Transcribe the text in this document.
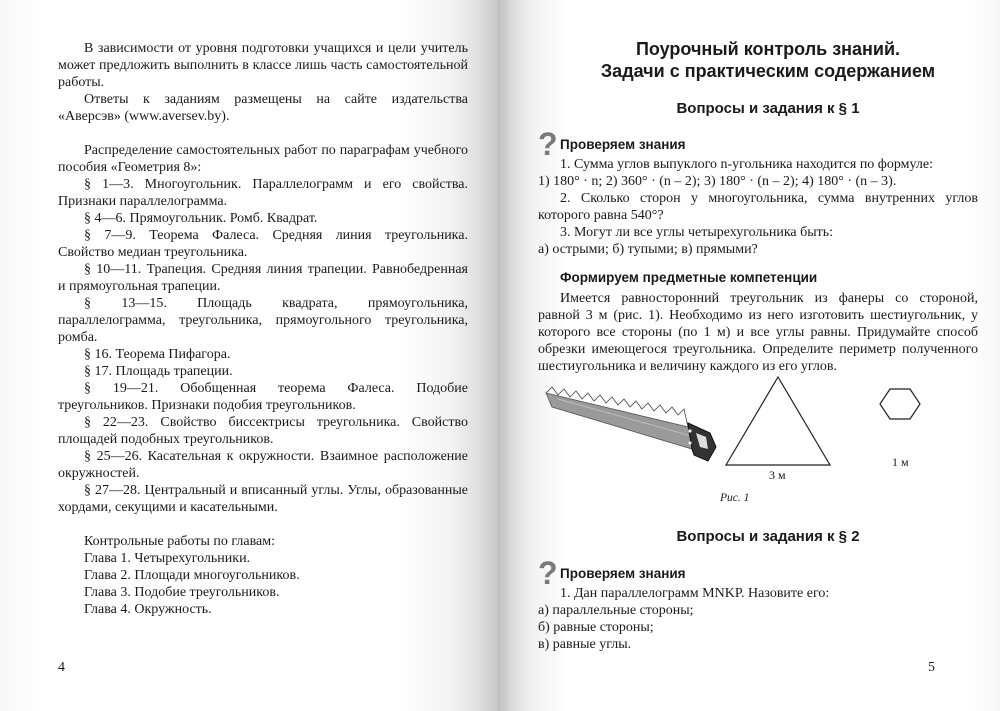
В зависимости от уровня подготовки учащихся и цели учитель может предложить выполнить в классе лишь часть самостоятельной работы.

Ответы к заданиям размещены на сайте издательства «Аверсэв» (www.aversev.by).

Распределение самостоятельных работ по параграфам учебного пособия «Геометрия 8»:

§ 1—3. Многоугольник. Параллелограмм и его свойства. Признаки параллелограмма.

§ 4—6. Прямоугольник. Ромб. Квадрат.

§ 7—9. Теорема Фалеса. Средняя линия треугольника. Свойство медиан треугольника.

§ 10—11. Трапеция. Средняя линия трапеции. Равнобедренная и прямоугольная трапеции.

§ 13—15. Площадь квадрата, прямоугольника, параллелограмма, треугольника, прямоугольного треугольника, ромба.

§ 16. Теорема Пифагора.

§ 17. Площадь трапеции.

§ 19—21. Обобщенная теорема Фалеса. Подобие треугольников. Признаки подобия треугольников.

§ 22—23. Свойство биссектрисы треугольника. Свойство площадей подобных треугольников.

§ 25—26. Касательная к окружности. Взаимное расположение окружностей.

§ 27—28. Центральный и вписанный углы. Углы, образованные хордами, секущими и касательными.

Контрольные работы по главам:

Глава 1. Четырехугольники.

Глава 2. Площади многоугольников.

Глава 3. Подобие треугольников.

Глава 4. Окружность.

4
Поурочный контроль знаний.
Задачи с практическим содержанием
Вопросы и задания к § 1
? Проверяем знания

1. Сумма углов выпуклого n-угольника находится по формуле:

1) 180° · n; 2) 360° · (n – 2); 3) 180° · (n – 2); 4) 180° · (n – 3).

2. Сколько сторон у многоугольника, сумма внутренних углов которого равна 540°?

3. Могут ли все углы четырехугольника быть:

а) острыми; б) тупыми; в) прямыми?

Формируем предметные компетенции

Имеется равносторонний треугольник из фанеры со стороной, равной 3 м (рис. 1). Необходимо из него изготовить шестиугольник, у которого все стороны (по 1 м) и все углы равны. Придумайте способ обрезки имеющегося треугольника. Определите периметр полученного шестиугольника и величину каждого из его углов.

3 м
1 м
Рис. 1
Вопросы и задания к § 2
? Проверяем знания

1. Дан параллелограмм MNKP. Назовите его:

а) параллельные стороны;

б) равные стороны;

в) равные углы.

5
